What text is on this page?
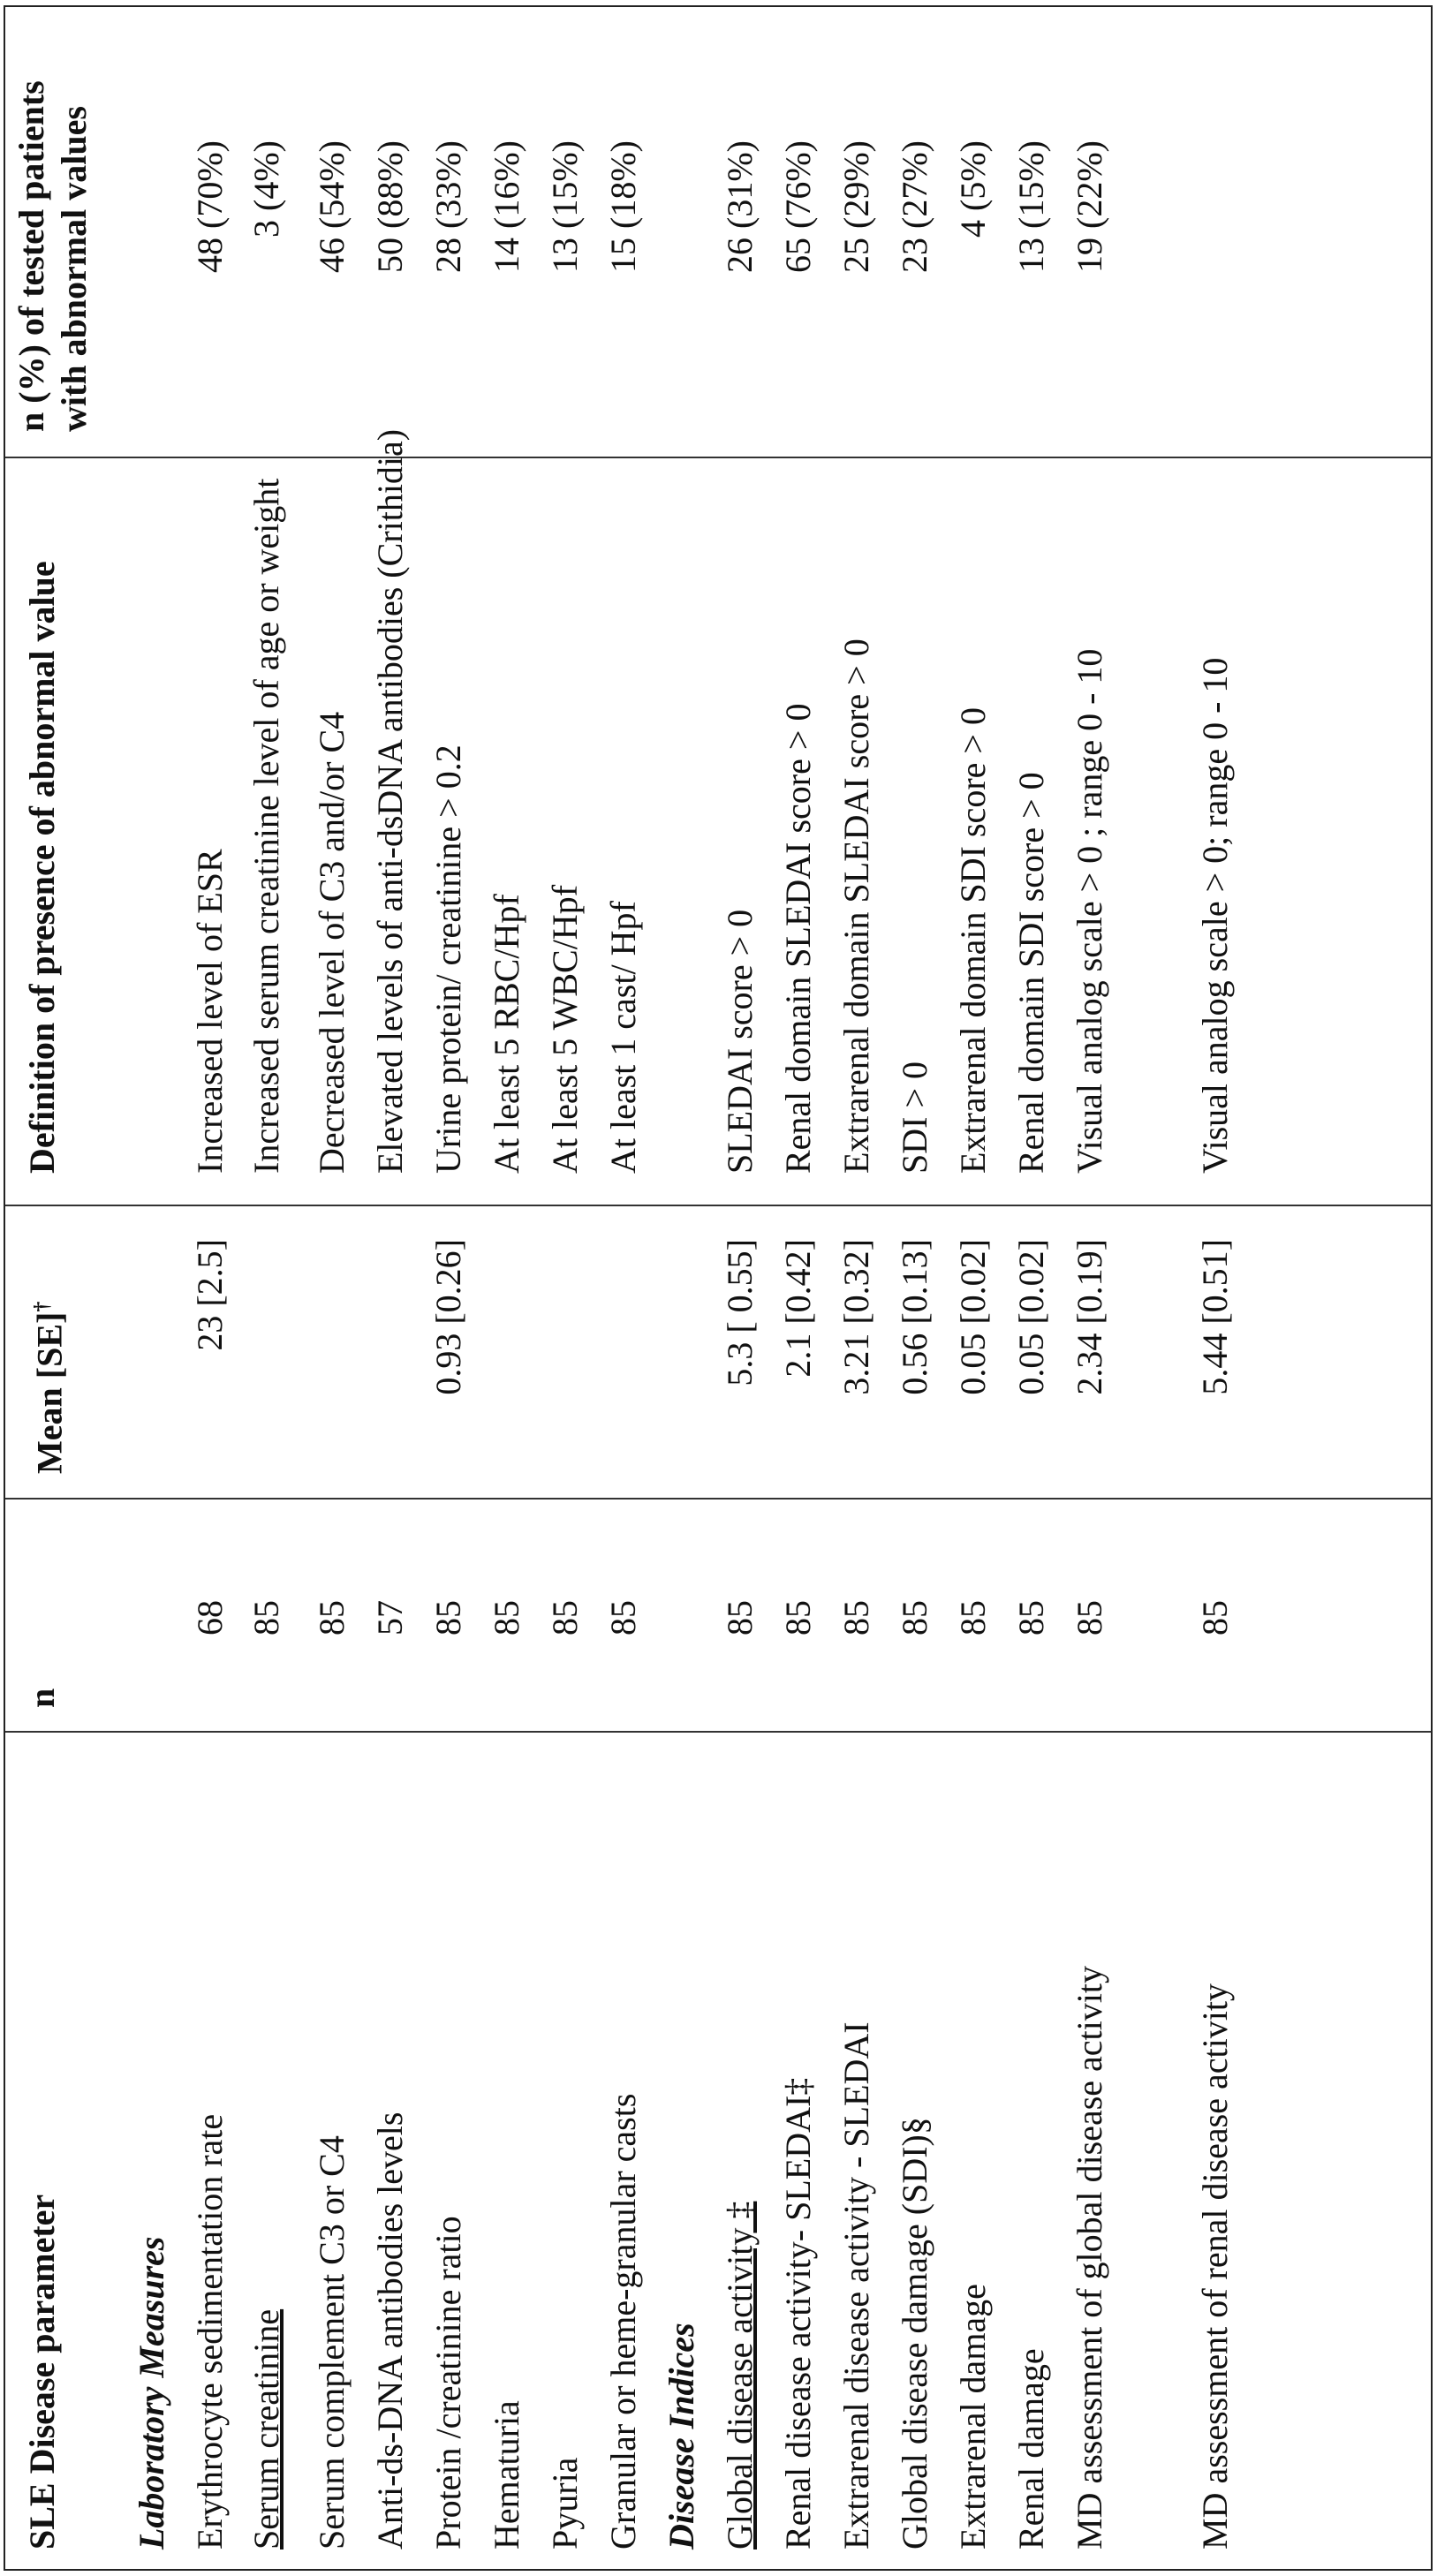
SLE Disease parameter
n
Mean [SE]†
Definition of presence of abnormal value
n (%) of tested patients with abnormal values
Laboratory Measures Erythrocyte sedimentation rate
68
23 [2.5]
Increased level of ESR
48 (70%)
Serum creatinine
85
Increased serum creatinine level of age or weight
3 (4%)
Serum complement C3 or C4
85
Decreased level of C3 and/or C4
46 (54%)
Anti-ds-DNA antibodies levels
57
Elevated levels of anti-dsDNA antibodies (Crithidia)
50 (88%)
Protein /creatinine ratio
85
0.93 [0.26]
Urine protein/ creatinine > 0.2
28 (33%)
Hematuria
85
At least 5 RBC/Hpf
14 (16%)
Pyuria
85
At least 5 WBC/Hpf
13 (15%)
Granular or heme-granular casts
85
At least 1 cast/ Hpf
15 (18%)
Disease Indices Global disease activity ‡
85
5.3 [ 0.55]
SLEDAI score > 0
26 (31%)
Renal disease activity- SLEDAI‡
85
2.1 [0.42]
Renal domain SLEDAI score > 0
65 (76%)
Extrarenal disease activity - SLEDAI
85
3.21 [0.32]
Extrarenal domain SLEDAI score > 0
25 (29%)
Global disease damage (SDI)§
85
0.56 [0.13]
SDI > 0
23 (27%)
Extrarenal damage
85
0.05 [0.02]
Extrarenal domain SDI score > 0
4 (5%)
Renal damage
85
0.05 [0.02]
Renal domain SDI score > 0
13 (15%)
MD assessment of global disease activity
85
2.34 [0.19]
Visual analog scale > 0 ; range 0 - 10
19 (22%)
MD assessment of renal disease activity
85
5.44 [0.51]
Visual analog scale > 0; range 0 - 10
